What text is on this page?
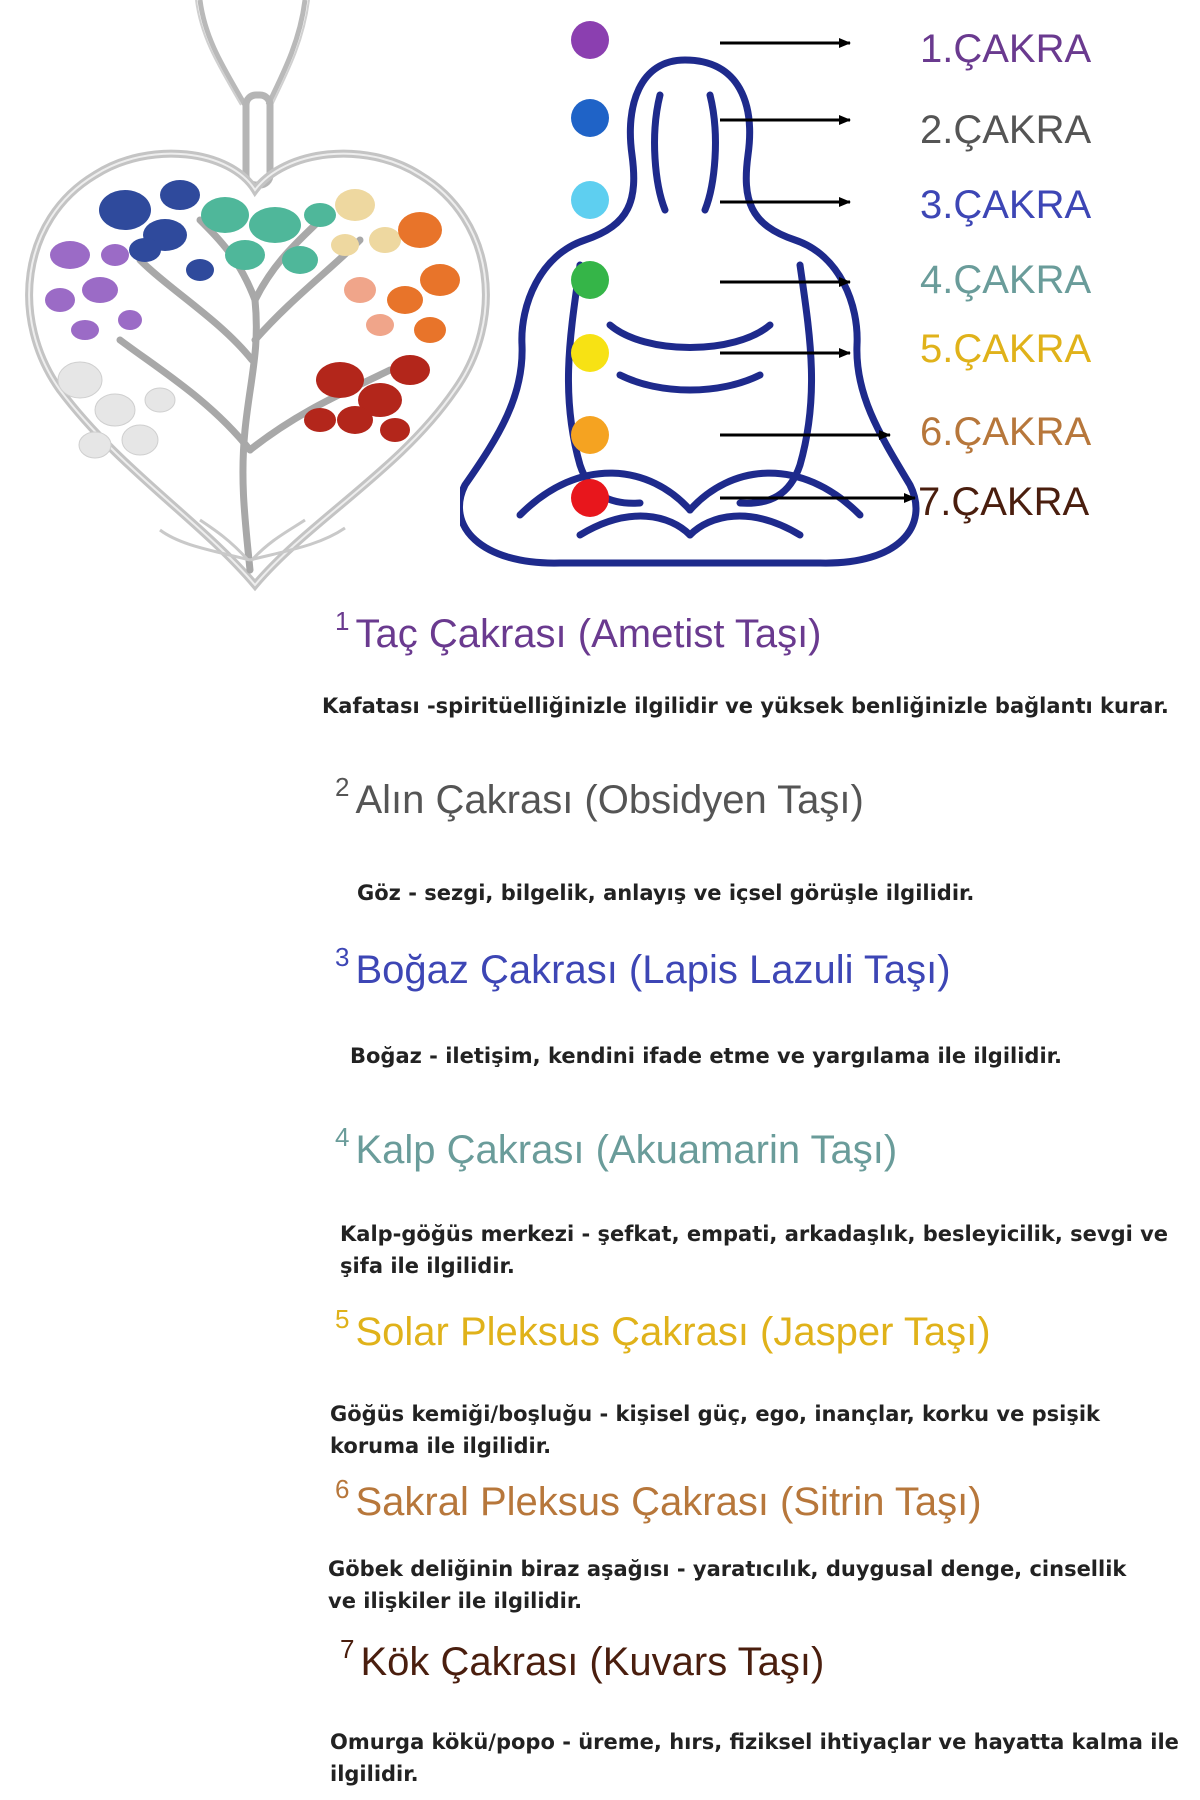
1.ÇAKRA
2.ÇAKRA
3.ÇAKRA
4.ÇAKRA
5.ÇAKRA
6.ÇAKRA
7.ÇAKRA
$^1$ Taç Çakrası (Ametist Taşı)
Kafatası -spiritüelliğinizle ilgilidir ve yüksek benliğinizle bağlantı kurar.
$^2$ Alın Çakrası (Obsidyen Taşı)
Göz - sezgi, bilgelik, anlayış ve içsel görüşle ilgilidir.
$^3$ Boğaz Çakrası (Lapis Lazuli Taşı)
Boğaz - iletişim, kendini ifade etme ve yargılama ile ilgilidir.
$^4$ Kalp Çakrası (Akuamarin Taşı)
Kalp-göğüs merkezi - şefkat, empati, arkadaşlık, besleyicilik, sevgi ve şifa ile ilgilidir.
$^5$ Solar Pleksus Çakrası (Jasper Taşı)
Göğüs kemiği/boşluğu - kişisel güç, ego, inançlar, korku ve psişik koruma ile ilgilidir.
$^6$ Sakral Pleksus Çakrası (Sitrin Taşı)
Göbek deliğinin biraz aşağısı - yaratıcılık, duygusal denge, cinsellik ve ilişkiler ile ilgilidir.
$^7$ Kök Çakrası (Kuvars Taşı)
Omurga kökü/popo - üreme, hırs, fiziksel ihtiyaçlar ve hayatta kalma ile ilgilidir.
